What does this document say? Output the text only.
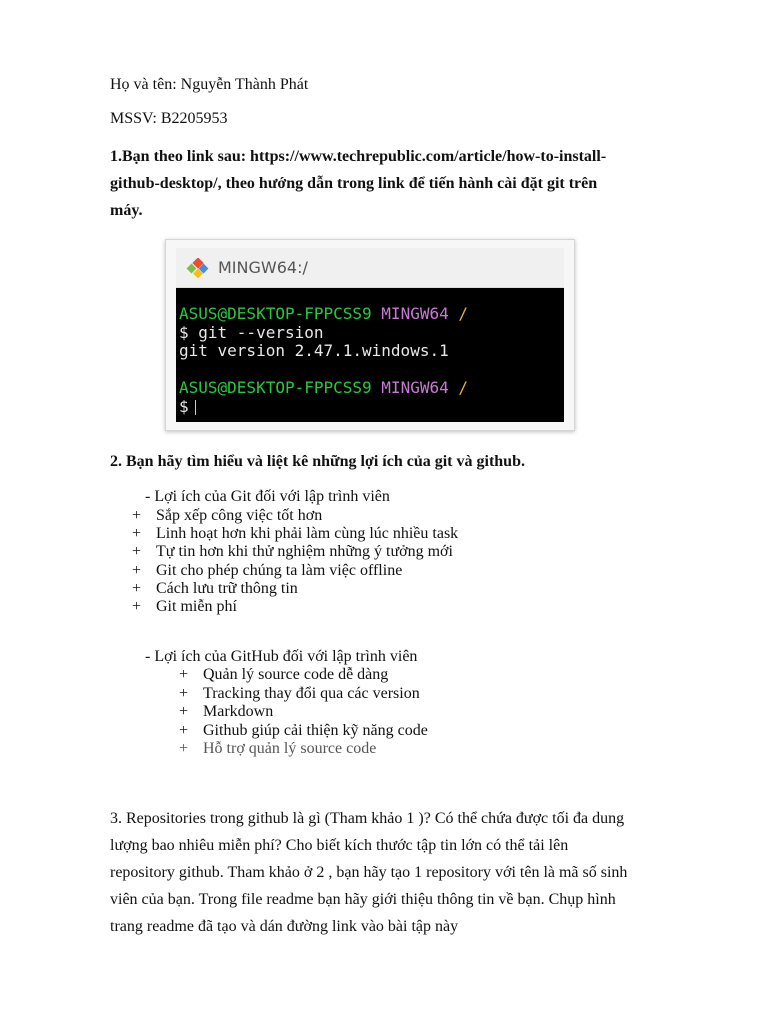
Họ và tên: Nguyễn Thành Phát
MSSV: B2205953
1.Bạn theo link sau: https://www.techrepublic.com/article/how-to-install-github-desktop/, theo hướng dẫn trong link để tiến hành cài đặt git trên máy.
MINGW64:/
ASUS@DESKTOP-FPPCSS9 MINGW64 /
$ git --version
git version 2.47.1.windows.1
ASUS@DESKTOP-FPPCSS9 MINGW64 /
$
2. Bạn hãy tìm hiểu và liệt kê những lợi ích của git và github.
- Lợi ích của Git đối với lập trình viên
+ Sắp xếp công việc tốt hơn
+ Linh hoạt hơn khi phải làm cùng lúc nhiều task
+ Tự tin hơn khi thử nghiệm những ý tưởng mới
+ Git cho phép chúng ta làm việc offline
+ Cách lưu trữ thông tin
+ Git miễn phí
- Lợi ích của GitHub đối với lập trình viên
+ Quản lý source code dễ dàng
+ Tracking thay đổi qua các version
+ Markdown
+ Github giúp cải thiện kỹ năng code
+ Hỗ trợ quản lý source code
3. Repositories trong github là gì (Tham khảo 1 )? Có thể chứa được tối đa dung lượng bao nhiêu miễn phí? Cho biết kích thước tập tin lớn có thể tải lên repository github. Tham khảo ở 2 , bạn hãy tạo 1 repository với tên là mã số sinh viên của bạn. Trong file readme bạn hãy giới thiệu thông tin về bạn. Chụp hình trang readme đã tạo và dán đường link vào bài tập này
